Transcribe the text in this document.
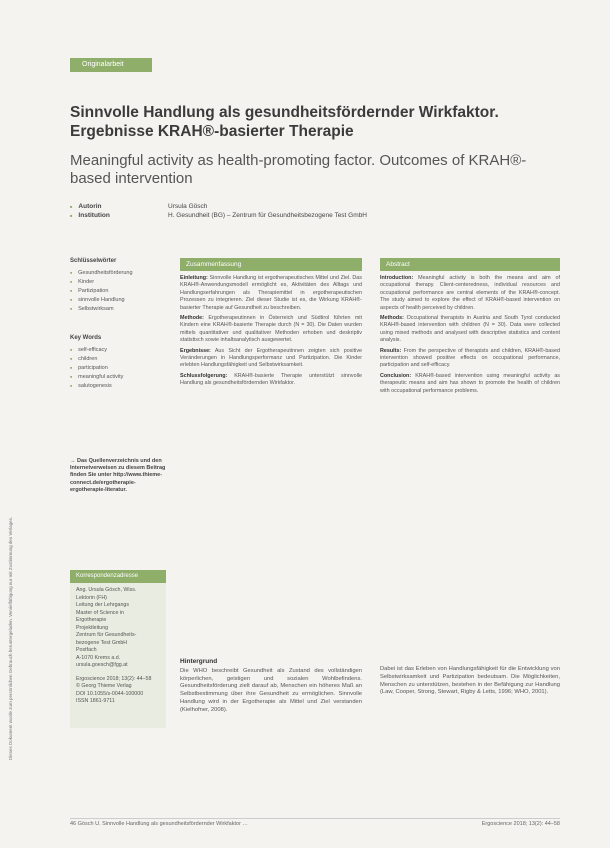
Dieses Dokument wurde zum persönlichen Gebrauch heruntergeladen. Vervielfältigung nur mit Zustimmung des Verlages.
Originalarbeit
Sinnvolle Handlung als gesundheitsfördernder Wirkfaktor. Ergebnisse KRAH®-basierter Therapie
Meaningful activity as health-promoting factor. Outcomes of KRAH®-based intervention
■ Autorin	Ursula Gösch
■ Institution	H. Gesundheit (BG) – Zentrum für Gesundheitsbezogene Test GmbH
Schlüsselwörter
■ Gesundheitsförderung
■ Kinder
■ Partizipation
■ sinnvolle Handlung
■ Selbstwirksam
Key Words
■ self-efficacy
■ children
■ participation
■ meaningful activity
■ salutogenesis
→ Das Quellenverzeichnis und den Internetverweisen zu diesem Beitrag finden Sie unter http://www.thieme-connect.de/ergotherapie-ergotherapie-literatur.
Korrespondenzadresse
Ang. Ursula Gösch, Wiss.
Lektorin (FH)
Leitung der Lehrgangs
Master of Science in
Ergotherapie
Projektleitung
Zentrum für Gesundheits-
bezogene Test GmbH
Postfach
A-1070 Krems a.d.
ursula.goesch@fgg.at
Ergoscience 2018; 13(2): 44–58
© Georg Thieme Verlag
DOI 10.1055/s-0044-100000
ISSN 1861-9711
Zusammenfassung

Einleitung: Sinnvolle Handlung ist ergotherapeutisches Mittel und Ziel. Das KRAH®-Anwendungsmodell ermöglicht es, Aktivitäten des Alltags und Handlungserfahrungen als Therapiemittel in ergotherapeutischen Prozessen zu integrieren. Ziel dieser Studie ist es, die Wirkung KRAH®-basierter Therapie auf Gesundheit zu beschreiben.

Methode: Ergotherapeutinnen in Österreich und Südtirol führten mit Kindern eine KRAH®-basierte Therapie durch (N = 30). Die Daten wurden mittels quantitativer und qualitativer Methoden erhoben und deskriptiv statistisch sowie inhaltsanalytisch ausgewertet.

Ergebnisse: Aus Sicht der Ergotherapeutinnen zeigten sich positive Veränderungen in Handlungsperformanz und Partizipation. Die Kinder erlebten Handlungsfähigkeit und Selbstwirksamkeit.

Schlussfolgerung: KRAH®-basierte Therapie unterstützt sinnvolle Handlung als gesundheitsfördernden Wirkfaktor.

Abstract

Introduction: Meaningful activity is both the means and aim of occupational therapy. Client-centeredness, individual resources and occupational performance are central elements of the KRAH®-concept. The study aimed to explore the effect of KRAH®-based intervention on aspects of health perceived by children.

Methods: Occupational therapists in Austria and South Tyrol conducted KRAH®-based intervention with children (N = 30). Data were collected using mixed methods and analysed with descriptive statistics and content analysis.

Results: From the perspective of therapists and children, KRAH®-based intervention showed positive effects on occupational performance, participation and self-efficacy.

Conclusion: KRAH®-based intervention using meaningful activity as therapeutic means and aim has shown to promote the health of children with occupational performance problems.

Hintergrund
Die WHO beschreibt Gesundheit als Zustand des vollständigen körperlichen, geistigen und sozialen Wohlbefindens. Gesundheitsförderung zielt darauf ab, Menschen ein höheres Maß an Selbstbestimmung über ihre Gesundheit zu ermöglichen. Sinnvolle Handlung wird in der Ergotherapie als Mittel und Ziel verstanden (Kielhofner, 2008).
Dabei ist das Erleben von Handlungsfähigkeit für die Entwicklung von Selbstwirksamkeit und Partizipation bedeutsam. Die Möglichkeiten, Menschen zu unterstützen, bestehen in der Befähigung zur Handlung (Law, Cooper, Strong, Stewart, Rigby & Letts, 1996; WHO, 2001).
46 Gösch U. Sinnvolle Handlung als gesundheitsfördernder Wirkfaktor …	Ergoscience 2018; 13(2): 44–58
